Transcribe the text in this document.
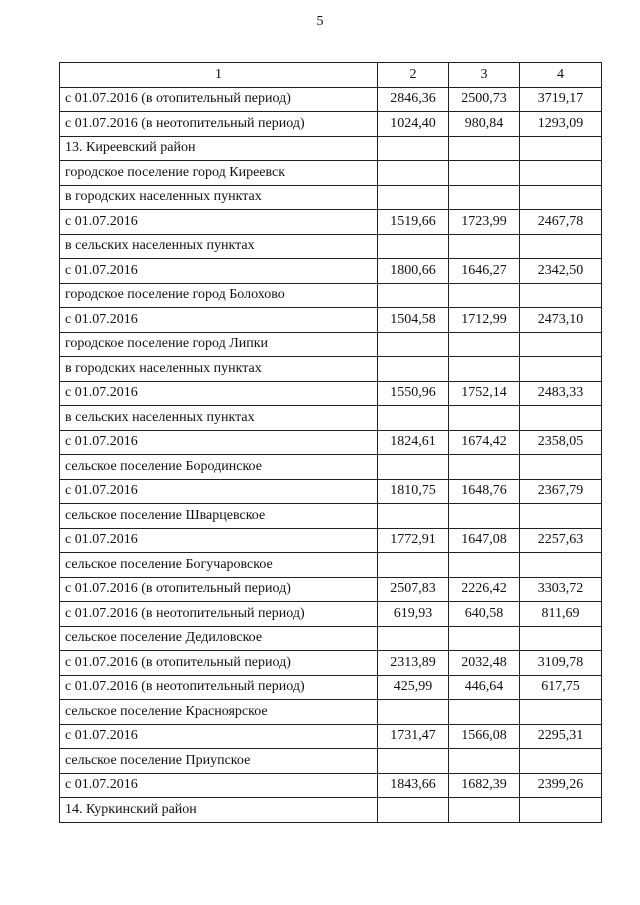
5
1	2	3	4
с 01.07.2016 (в отопительный период)	2846,36	2500,73	3719,17
с 01.07.2016 (в неотопительный период)	1024,40	980,84	1293,09
13. Киреевский район			
городское поселение город Киреевск			
в городских населенных пунктах			
с 01.07.2016	1519,66	1723,99	2467,78
в сельских населенных пунктах			
с 01.07.2016	1800,66	1646,27	2342,50
городское поселение город Болохово			
с 01.07.2016	1504,58	1712,99	2473,10
городское поселение город Липки			
в городских населенных пунктах			
с 01.07.2016	1550,96	1752,14	2483,33
в сельских населенных пунктах			
с 01.07.2016	1824,61	1674,42	2358,05
сельское поселение Бородинское			
с 01.07.2016	1810,75	1648,76	2367,79
сельское поселение Шварцевское			
с 01.07.2016	1772,91	1647,08	2257,63
сельское поселение Богучаровское			
с 01.07.2016 (в отопительный период)	2507,83	2226,42	3303,72
с 01.07.2016 (в неотопительный период)	619,93	640,58	811,69
сельское поселение Дедиловское			
с 01.07.2016 (в отопительный период)	2313,89	2032,48	3109,78
с 01.07.2016 (в неотопительный период)	425,99	446,64	617,75
сельское поселение Красноярское			
с 01.07.2016	1731,47	1566,08	2295,31
сельское поселение Приупское			
с 01.07.2016	1843,66	1682,39	2399,26
14. Куркинский район			
